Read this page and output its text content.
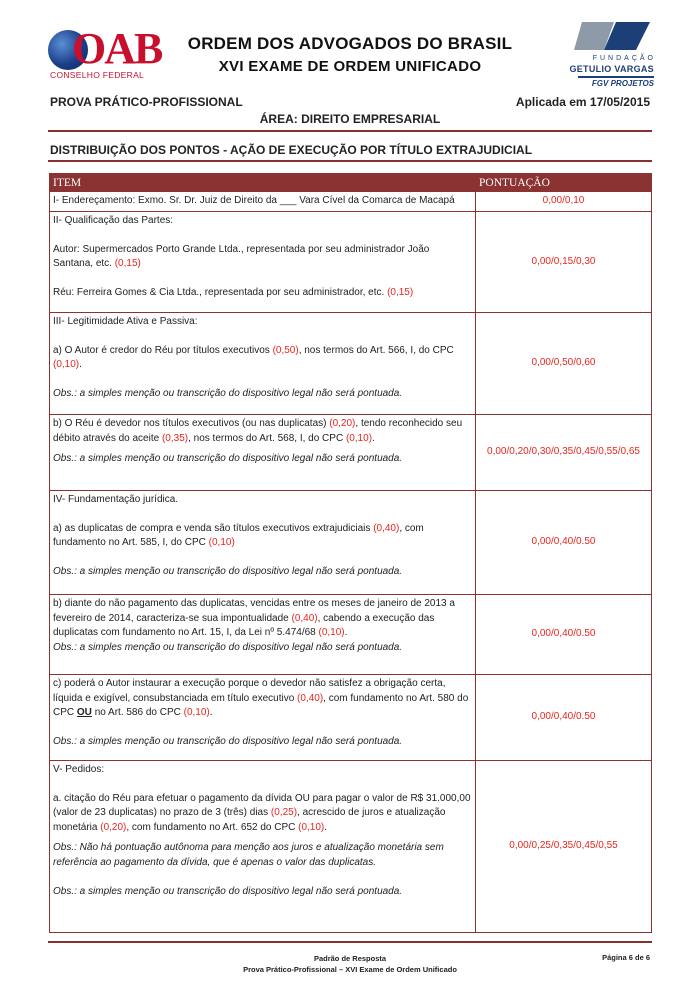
OAB
CONSELHO FEDERAL
ORDEM DOS ADVOGADOS DO BRASIL
XVI EXAME DE ORDEM UNIFICADO	FUNDAÇÃO
GETULIO VARGAS
FGV PROJETOS
PROVA PRÁTICO-PROFISSIONAL	Aplicada em 17/05/2015
ÁREA: DIREITO EMPRESARIAL
DISTRIBUIÇÃO DOS PONTOS - AÇÃO DE EXECUÇÃO POR TÍTULO EXTRAJUDICIAL
ITEM	PONTUAÇÃO
I- Endereçamento: Exmo. Sr. Dr. Juiz de Direito da ___ Vara Cível da Comarca de Macapá	0,00/0,10

II- Qualificação das Partes:
Autor: Supermercados Porto Grande Ltda., representada por seu administrador João Santana, etc. (0,15)
Réu: Ferreira Gomes & Cia Ltda., representada por seu administrador, etc. (0,15)	0,00/0,15/0,30

III- Legitimidade Ativa e Passiva:
a) O Autor é credor do Réu por títulos executivos (0,50), nos termos do Art. 566, I, do CPC (0,10).
Obs.: a simples menção ou transcrição do dispositivo legal não será pontuada.	0,00/0,50/0,60

b) O Réu é devedor nos títulos executivos (ou nas duplicatas) (0,20), tendo reconhecido seu débito através do aceite (0,35), nos termos do Art. 568, I, do CPC (0,10).
Obs.: a simples menção ou transcrição do dispositivo legal não será pontuada.	0,00/0,20/0,30/0,35/0,45/0,55/0,65

IV- Fundamentação jurídica.
a) as duplicatas de compra e venda são títulos executivos extrajudiciais (0,40), com fundamento no Art. 585, I, do CPC (0,10)
Obs.: a simples menção ou transcrição do dispositivo legal não será pontuada.	0,00/0,40/0.50

b) diante do não pagamento das duplicatas, vencidas entre os meses de janeiro de 2013 a fevereiro de 2014, caracteriza-se sua impontualidade (0,40), cabendo a execução das duplicatas com fundamento no Art. 15, I, da Lei nº 5.474/68 (0,10).
Obs.: a simples menção ou transcrição do dispositivo legal não será pontuada.	0,00/0,40/0.50

c) poderá o Autor instaurar a execução porque o devedor não satisfez a obrigação certa, líquida e exigível, consubstanciada em título executivo (0,40), com fundamento no Art. 580 do CPC OU no Art. 586 do CPC (0,10).
Obs.: a simples menção ou transcrição do dispositivo legal não será pontuada.	0,00/0,40/0.50

V- Pedidos:
a. citação do Réu para efetuar o pagamento da dívida OU para pagar o valor de R$ 31.000,00 (valor de 23 duplicatas) no prazo de 3 (três) dias (0,25), acrescido de juros e atualização monetária (0,20), com fundamento no Art. 652 do CPC (0,10).
Obs.: Não há pontuação autônoma para menção aos juros e atualização monetária sem referência ao pagamento da dívida, que é apenas o valor das duplicatas.
Obs.: a simples menção ou transcrição do dispositivo legal não será pontuada.	0,00/0,25/0,35/0,45/0,55
Padrão de Resposta
Prova Prático-Profissional – XVI Exame de Ordem Unificado
Página 6 de 6
